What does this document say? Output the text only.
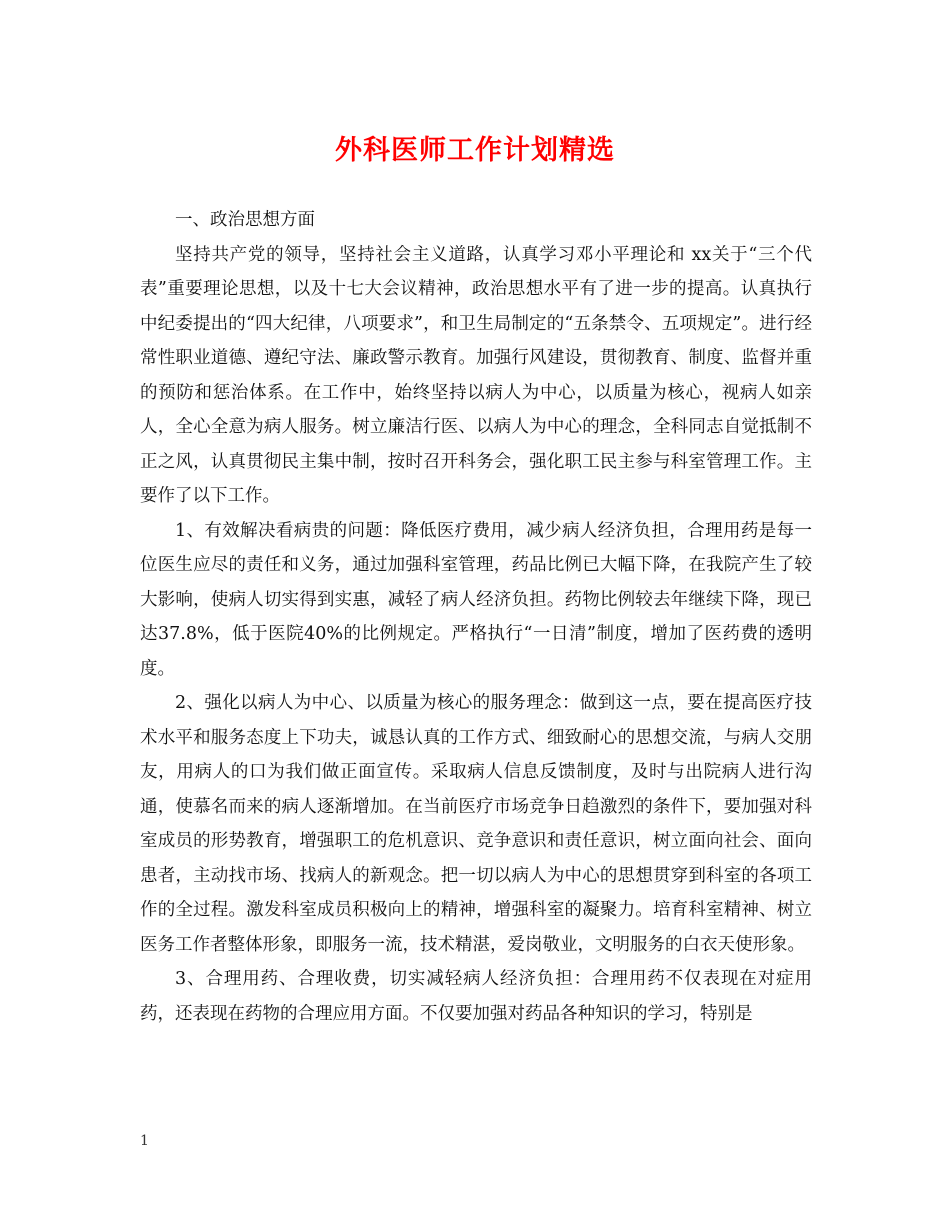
外科医师工作计划精选

一、政治思想方面

坚持共产党的领导，坚持社会主义道路，认真学习邓小平理论和 xx关于“三个代表”重要理论思想，以及十七大会议精神，政治思想水平有了进一步的提高。认真执行中纪委提出的“四大纪律，八项要求”，和卫生局制定的“五条禁令、五项规定”。进行经常性职业道德、遵纪守法、廉政警示教育。加强行风建设，贯彻教育、制度、监督并重的预防和惩治体系。在工作中，始终坚持以病人为中心，以质量为核心，视病人如亲人，全心全意为病人服务。树立廉洁行医、以病人为中心的理念，全科同志自觉抵制不正之风，认真贯彻民主集中制，按时召开科务会，强化职工民主参与科室管理工作。主要作了以下工作。

1、有效解决看病贵的问题：降低医疗费用，减少病人经济负担，合理用药是每一位医生应尽的责任和义务，通过加强科室管理，药品比例已大幅下降，在我院产生了较大影响，使病人切实得到实惠，减轻了病人经济负担。药物比例较去年继续下降，现已达37.8%，低于医院40%的比例规定。严格执行“一日清”制度，增加了医药费的透明度。

2、强化以病人为中心、以质量为核心的服务理念：做到这一点，要在提高医疗技术水平和服务态度上下功夫，诚恳认真的工作方式、细致耐心的思想交流，与病人交朋友，用病人的口为我们做正面宣传。采取病人信息反馈制度，及时与出院病人进行沟通，使慕名而来的病人逐渐增加。在当前医疗市场竞争日趋激烈的条件下，要加强对科室成员的形势教育，增强职工的危机意识、竞争意识和责任意识，树立面向社会、面向患者，主动找市场、找病人的新观念。把一切以病人为中心的思想贯穿到科室的各项工作的全过程。激发科室成员积极向上的精神，增强科室的凝聚力。培育科室精神、树立医务工作者整体形象，即服务一流，技术精湛，爱岗敬业，文明服务的白衣天使形象。

3、合理用药、合理收费，切实减轻病人经济负担：合理用药不仅表现在对症用药，还表现在药物的合理应用方面。不仅要加强对药品各种知识的学习，特别是

1
